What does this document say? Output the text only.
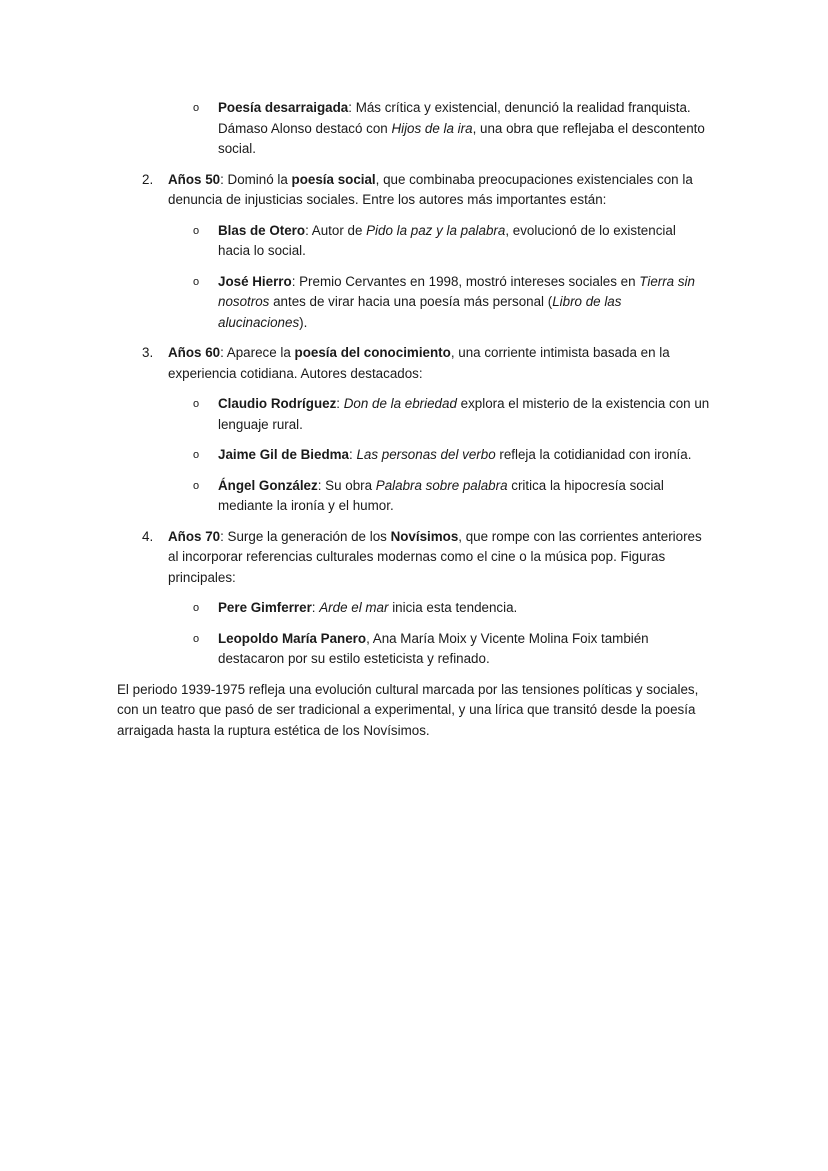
o Poesía desarraigada: Más crítica y existencial, denunció la realidad franquista. Dámaso Alonso destacó con Hijos de la ira, una obra que reflejaba el descontento social.
2. Años 50: Dominó la poesía social, que combinaba preocupaciones existenciales con la denuncia de injusticias sociales. Entre los autores más importantes están:
o Blas de Otero: Autor de Pido la paz y la palabra, evolucionó de lo existencial hacia lo social.
o José Hierro: Premio Cervantes en 1998, mostró intereses sociales en Tierra sin nosotros antes de virar hacia una poesía más personal (Libro de las alucinaciones).
3. Años 60: Aparece la poesía del conocimiento, una corriente intimista basada en la experiencia cotidiana. Autores destacados:
o Claudio Rodríguez: Don de la ebriedad explora el misterio de la existencia con un lenguaje rural.
o Jaime Gil de Biedma: Las personas del verbo refleja la cotidianidad con ironía.
o Ángel González: Su obra Palabra sobre palabra critica la hipocresía social mediante la ironía y el humor.
4. Años 70: Surge la generación de los Novísimos, que rompe con las corrientes anteriores al incorporar referencias culturales modernas como el cine o la música pop. Figuras principales:
o Pere Gimferrer: Arde el mar inicia esta tendencia.
o Leopoldo María Panero, Ana María Moix y Vicente Molina Foix también destacaron por su estilo esteticista y refinado.

El periodo 1939-1975 refleja una evolución cultural marcada por las tensiones políticas y sociales, con un teatro que pasó de ser tradicional a experimental, y una lírica que transitó desde la poesía arraigada hasta la ruptura estética de los Novísimos.
